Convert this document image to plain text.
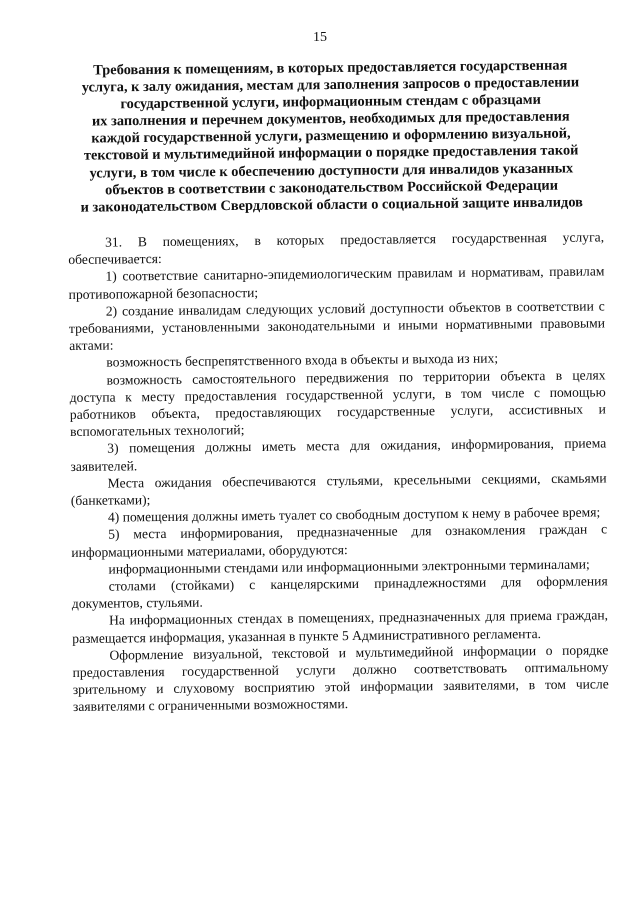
15
Требования к помещениям, в которых предоставляется государственная
услуга, к залу ожидания, местам для заполнения запросов о предоставлении
государственной услуги, информационным стендам с образцами
их заполнения и перечнем документов, необходимых для предоставления
каждой государственной услуги, размещению и оформлению визуальной,
текстовой и мультимедийной информации о порядке предоставления такой
услуги, в том числе к обеспечению доступности для инвалидов указанных
объектов в соответствии с законодательством Российской Федерации
и законодательством Свердловской области о социальной защите инвалидов

31. В помещениях, в которых предоставляется государственная услуга, обеспечивается:

1) соответствие санитарно-эпидемиологическим правилам и нормативам, правилам противопожарной безопасности;

2) создание инвалидам следующих условий доступности объектов в соответствии с требованиями, установленными законодательными и иными нормативными правовыми актами:

возможность беспрепятственного входа в объекты и выхода из них;

возможность самостоятельного передвижения по территории объекта в целях доступа к месту предоставления государственной услуги, в том числе с помощью работников объекта, предоставляющих государственные услуги, ассистивных и вспомогательных технологий;

3) помещения должны иметь места для ожидания, информирования, приема заявителей.

Места ожидания обеспечиваются стульями, кресельными секциями, скамьями (банкетками);

4) помещения должны иметь туалет со свободным доступом к нему в рабочее время;

5) места информирования, предназначенные для ознакомления граждан с информационными материалами, оборудуются:

информационными стендами или информационными электронными терминалами;

столами (стойками) с канцелярскими принадлежностями для оформления документов, стульями.

На информационных стендах в помещениях, предназначенных для приема граждан, размещается информация, указанная в пункте 5 Административного регламента.

Оформление визуальной, текстовой и мультимедийной информации о порядке предоставления государственной услуги должно соответствовать оптимальному зрительному и слуховому восприятию этой информации заявителями, в том числе заявителями с ограниченными возможностями.
